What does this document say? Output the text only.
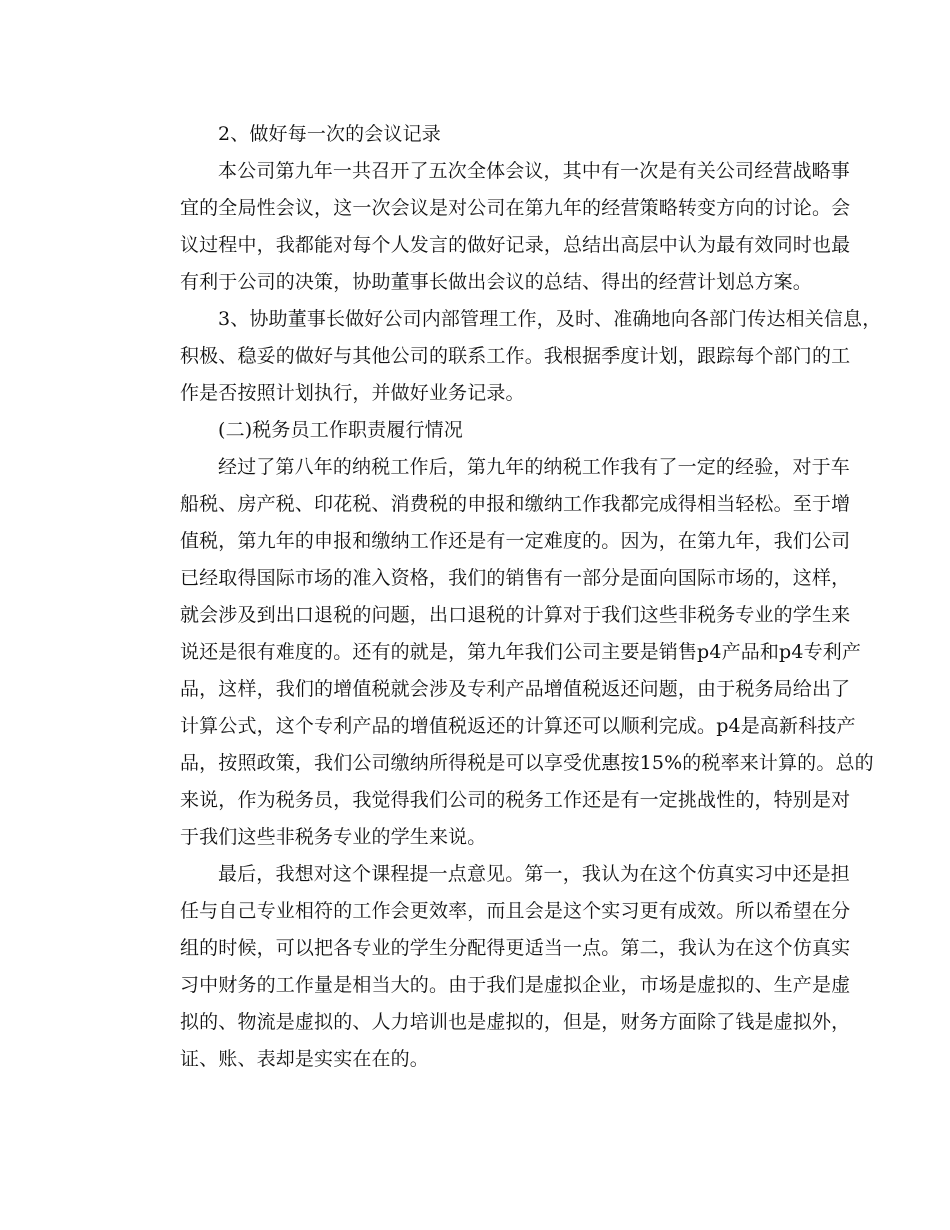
2、做好每一次的会议记录

本公司第九年一共召开了五次全体会议，其中有一次是有关公司经营战略事
宜的全局性会议，这一次会议是对公司在第九年的经营策略转变方向的讨论。会
议过程中，我都能对每个人发言的做好记录，总结出高层中认为最有效同时也最
有利于公司的决策，协助董事长做出会议的总结、得出的经营计划总方案。

3、协助董事长做好公司内部管理工作，及时、准确地向各部门传达相关信息，
积极、稳妥的做好与其他公司的联系工作。我根据季度计划，跟踪每个部门的工
作是否按照计划执行，并做好业务记录。

(二)税务员工作职责履行情况

经过了第八年的纳税工作后，第九年的纳税工作我有了一定的经验，对于车
船税、房产税、印花税、消费税的申报和缴纳工作我都完成得相当轻松。至于增
值税，第九年的申报和缴纳工作还是有一定难度的。因为，在第九年，我们公司
已经取得国际市场的准入资格，我们的销售有一部分是面向国际市场的，这样，
就会涉及到出口退税的问题，出口退税的计算对于我们这些非税务专业的学生来
说还是很有难度的。还有的就是，第九年我们公司主要是销售p4产品和p4专利产
品，这样，我们的增值税就会涉及专利产品增值税返还问题，由于税务局给出了
计算公式，这个专利产品的增值税返还的计算还可以顺利完成。p4是高新科技产
品，按照政策，我们公司缴纳所得税是可以享受优惠按15%的税率来计算的。总的
来说，作为税务员，我觉得我们公司的税务工作还是有一定挑战性的，特别是对
于我们这些非税务专业的学生来说。

最后，我想对这个课程提一点意见。第一，我认为在这个仿真实习中还是担
任与自己专业相符的工作会更效率，而且会是这个实习更有成效。所以希望在分
组的时候，可以把各专业的学生分配得更适当一点。第二，我认为在这个仿真实
习中财务的工作量是相当大的。由于我们是虚拟企业，市场是虚拟的、生产是虚
拟的、物流是虚拟的、人力培训也是虚拟的，但是，财务方面除了钱是虚拟外，
证、账、表却是实实在在的。
